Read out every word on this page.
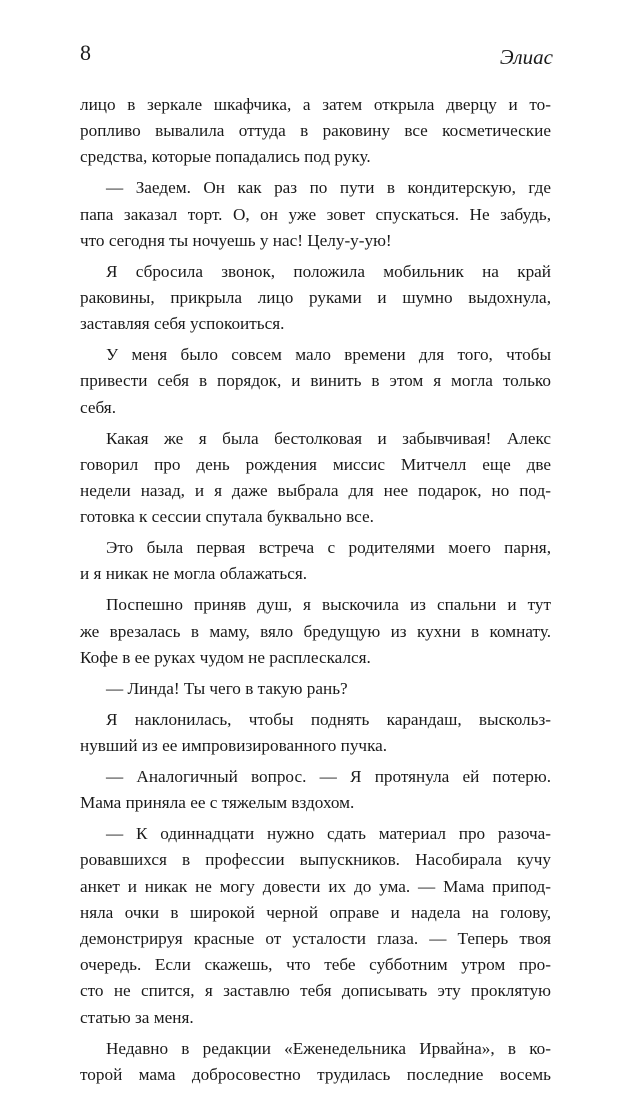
8	Элиас
лицо в зеркале шкафчика, а затем открыла дверцу и то-
ропливо вывалила оттуда в раковину все косметические
средства, которые попадались под руку.
— Заедем. Он как раз по пути в кондитерскую, где
папа заказал торт. О, он уже зовет спускаться. Не забудь,
что сегодня ты ночуешь у нас! Целу-у-ую!
Я сбросила звонок, положила мобильник на край
раковины, прикрыла лицо руками и шумно выдохнула,
заставляя себя успокоиться.
У меня было совсем мало времени для того, чтобы
привести себя в порядок, и винить в этом я могла только
себя.
Какая же я была бестолковая и забывчивая! Алекс
говорил про день рождения миссис Митчелл еще две
недели назад, и я даже выбрала для нее подарок, но под-
готовка к сессии спутала буквально все.
Это была первая встреча с родителями моего парня,
и я никак не могла облажаться.
Поспешно приняв душ, я выскочила из спальни и тут
же врезалась в маму, вяло бредущую из кухни в комнату.
Кофе в ее руках чудом не расплескался.
— Линда! Ты чего в такую рань?
Я наклонилась, чтобы поднять карандаш, выскольз-
нувший из ее импровизированного пучка.
— Аналогичный вопрос. — Я протянула ей потерю.
Мама приняла ее с тяжелым вздохом.
— К одиннадцати нужно сдать материал про разоча-
ровавшихся в профессии выпускников. Насобирала кучу
анкет и никак не могу довести их до ума. — Мама припод-
няла очки в широкой черной оправе и надела на голову,
демонстрируя красные от усталости глаза. — Теперь твоя
очередь. Если скажешь, что тебе субботним утром про-
сто не спится, я заставлю тебя дописывать эту проклятую
статью за меня.
Недавно в редакции «Еженедельника Ирвайна», в ко-
торой мама добросовестно трудилась последние восемь
